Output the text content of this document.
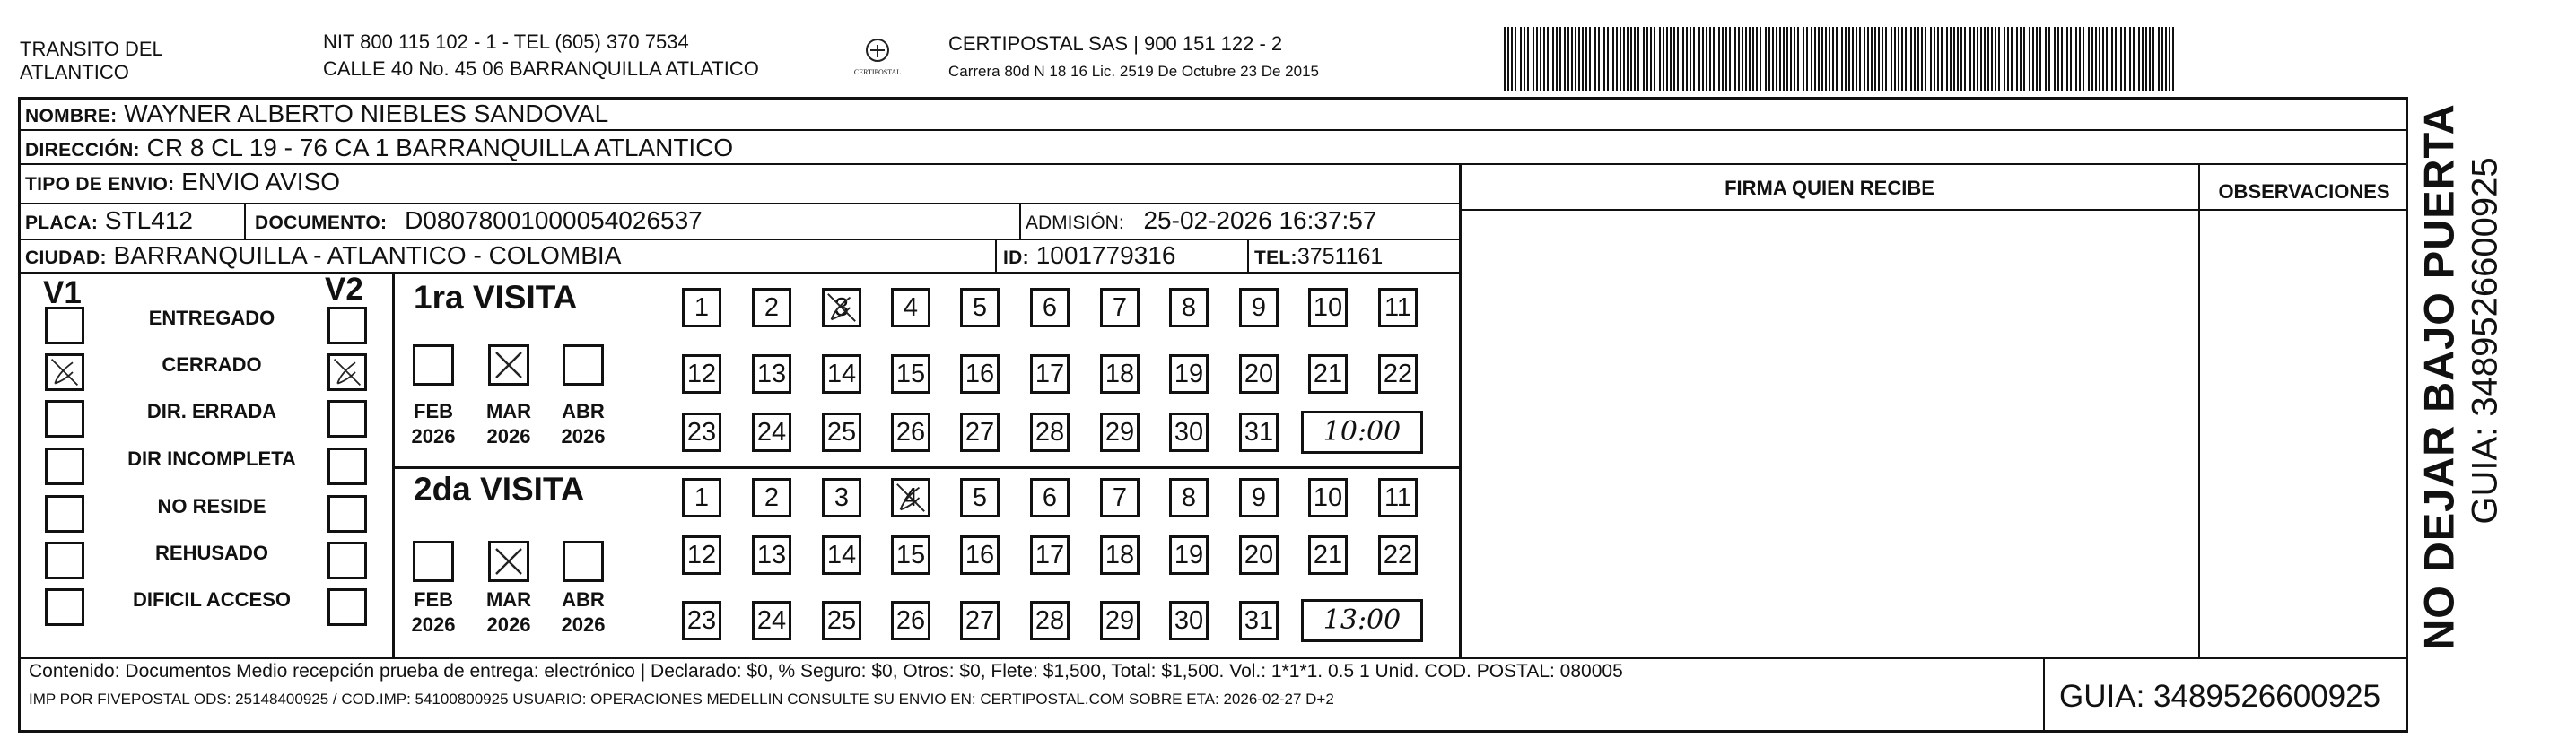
TRANSITO DEL
ATLANTICO
NIT 800 115 102 - 1 - TEL (605) 370 7534
CALLE 40 No. 45 06 BARRANQUILLA ATLATICO	CERTIPOSTAL
CERTIPOSTAL SAS | 900 151 122 - 2
Carrera 80d N 18 16 Lic. 2519 De Octubre 23 De 2015
NOMBRE: WAYNER ALBERTO NIEBLES SANDOVAL
DIRECCIÓN: CR 8 CL 19 - 76 CA 1 BARRANQUILLA ATLANTICO
TIPO DE ENVIO: ENVIO AVISO
PLACA: STL412	DOCUMENTO: D08078001000054026537	ADMISIÓN: 25-02-2026 16:37:57
CIUDAD: BARRANQUILLA - ATLANTICO - COLOMBIA	ID: 1001779316	TEL:3751161
FIRMA QUIEN RECIBE	OBSERVACIONES
V1	V2
ENTREGADO
CERRADO
DIR. ERRADA
DIR INCOMPLETA
NO RESIDE
REHUSADO
DIFICIL ACCESO
1ra VISITA
FEB
2026
MAR
2026
ABR
2026
1	2	3	4	5	6	7	8	9	10 11
12 13 14 15 16 17 18 19 20 21 22
23 24 25 26 27 28 29 30 31	10:00
2da VISITA
FEB
2026
MAR
2026
ABR
2026
1	2	3	4	5	6	7	8	9	10 11
12 13 14 15 16 17 18 19 20 21 22
23 24 25 26 27 28 29 30 31	13:00
Contenido: Documentos Medio recepción prueba de entrega: electrónico | Declarado: $0, % Seguro: $0, Otros: $0, Flete: $1,500, Total: $1,500. Vol.: 1*1*1. 0.5 1 Unid. COD. POSTAL: 080005
IMP POR FIVEPOSTAL ODS: 25148400925 / COD.IMP: 54100800925 USUARIO: OPERACIONES MEDELLIN CONSULTE SU ENVIO EN: CERTIPOSTAL.COM SOBRE ETA: 2026-02-27 D+2	GUIA: 3489526600925
NO DEJAR BAJO PUERTA GUIA: 3489526600925
